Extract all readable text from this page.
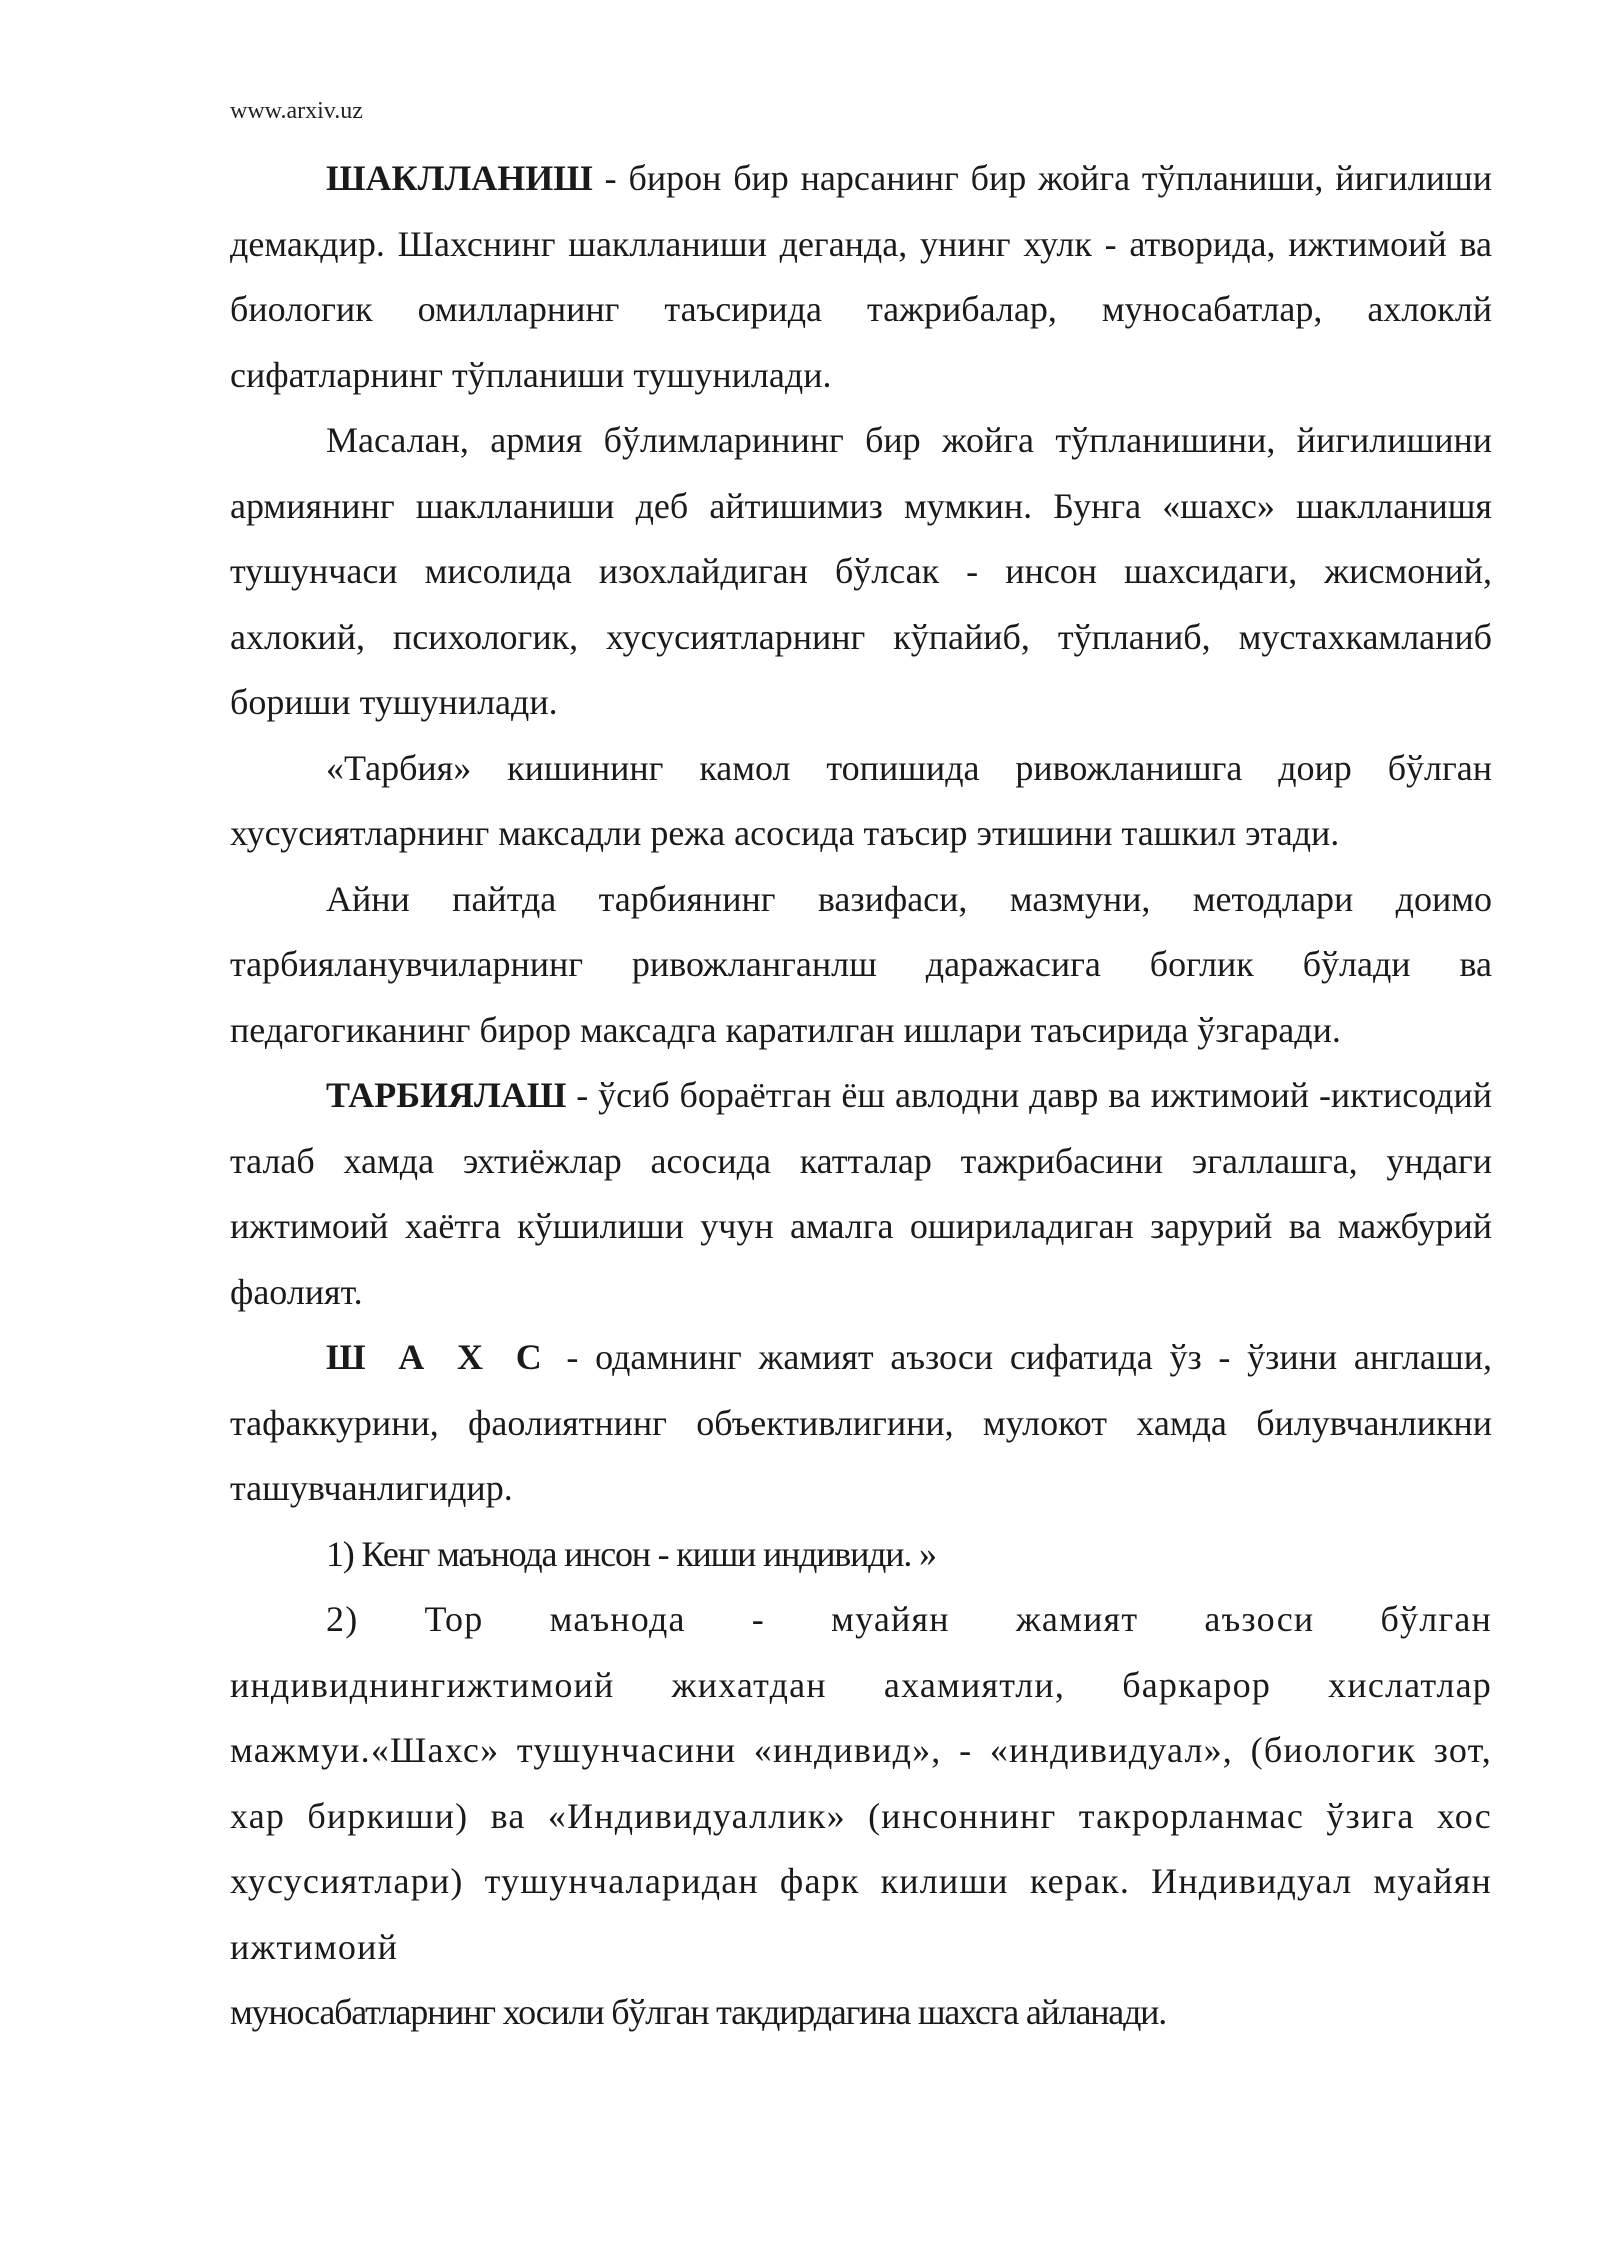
www.arxiv.uz

ШАКЛЛАНИШ - бирон бир нарсанинг бир жойга тўпланиши, йигилиши демакдир. Шахснинг шаклланиши деганда, унинг хулк - атворида, ижтимоий ва биологик омилларнинг таъсирида тажрибалар, муносабатлар, ахлоклй сифатларнинг тўпланиши тушунилади.

Масалан, армия бўлимларининг бир жойга тўпланишини, йигилишини армиянинг шаклланиши деб айтишимиз мумкин. Бунга «шахс» шаклланишя тушунчаси мисолида изохлайдиган бўлсак - инсон шахсидаги, жисмоний, ахлокий, психологик, хусусиятларнинг кўпайиб, тўпланиб, мустахкамланиб бориши тушунилади.

«Тарбия» кишининг камол топишида ривожланишга доир бўлган хусусиятларнинг максадли режа асосида таъсир этишини ташкил этади.

Айни пайтда тарбиянинг вазифаси, мазмуни, методлари доимо тарбияланувчиларнинг ривожланганлш даражасига боглик бўлади ва педагогиканинг бирор максадга каратилган ишлари таъсирида ўзгаради.

ТАРБИЯЛАШ - ўсиб бораётган ёш авлодни давр ва ижтимоий -иктисодий талаб хамда эхтиёжлар асосида катталар тажрибасини эгаллашга, ундаги ижтимоий хаётга кўшилиши учун амалга ошириладиган зарурий ва мажбурий фаолият.

Ш А Х С - одамнинг жамият аъзоси сифатида ўз - ўзини англаши, тафаккурини, фаолиятнинг объективлигини, мулокот хамда билувчанликни ташувчанлигидир.

1) Кенг маънода инсон - киши индивиди. »

2) Тор маънода - муайян жамият аъзоси бўлган индивиднингижтимоий жихатдан ахамиятли, баркарор хислатлар мажмуи.«Шахс» тушунчасини «индивид», - «индивидуал», (биологик зот, хар биркиши) ва «Индивидуаллик» (инсоннинг такрорланмас ўзига хос хусусиятлари) тушунчаларидан фарк килиши керак. Индивидуал муайян ижтимоий

муносабатларнинг хосили бўлган такдирдагина шахсга айланади.
